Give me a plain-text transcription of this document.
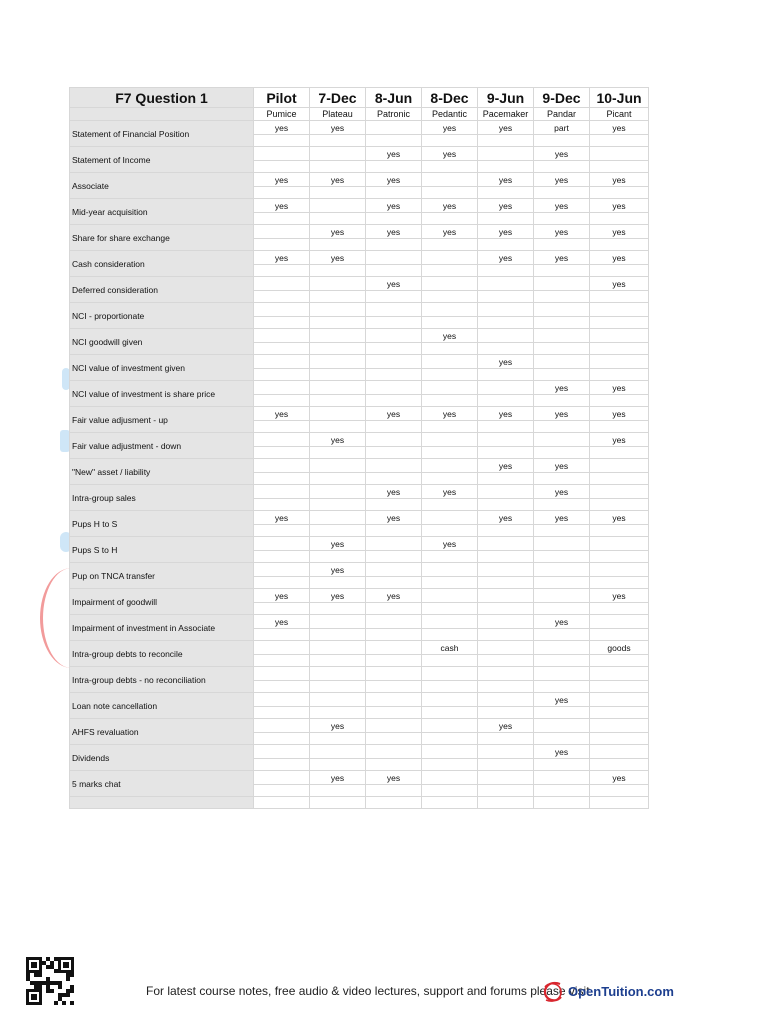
F7 Question 1	Pilot	7-Dec	8-Jun	8-Dec	9-Jun	9-Dec	10-Jun
	Pumice	Plateau	Patronic	Pedantic	Pacemaker	Pandar	Picant
Statement of Financial Position	yes	yes		yes	yes	part	yes

Statement of Income			yes	yes		yes	

Associate	yes	yes	yes		yes	yes	yes

Mid-year acquisition	yes		yes	yes	yes	yes	yes

Share for share exchange		yes	yes	yes	yes	yes	yes

Cash consideration	yes	yes			yes	yes	yes

Deferred consideration			yes				yes

NCI - proportionate							

NCI goodwill given				yes			

NCI value of investment given					yes		

NCI value of investment is share price						yes	yes

Fair value adjusment - up	yes		yes	yes	yes	yes	yes

Fair value adjustment - down		yes					yes

"New" asset / liability					yes	yes	

Intra-group sales			yes	yes		yes	

Pups H to S	yes		yes		yes	yes	yes

Pups S to H		yes		yes			

Pup on TNCA transfer		yes					

Impairment of goodwill	yes	yes	yes				yes

Impairment of investment in Associate	yes					yes	

Intra-group debts to reconcile				cash			goods

Intra-group debts - no reconciliation							

Loan note cancellation						yes	

AHFS revaluation		yes			yes		

Dividends						yes	

5 marks chat		yes	yes				yes

For latest course notes, free audio & video lectures, support and forums please visit
OpenTuition.com
